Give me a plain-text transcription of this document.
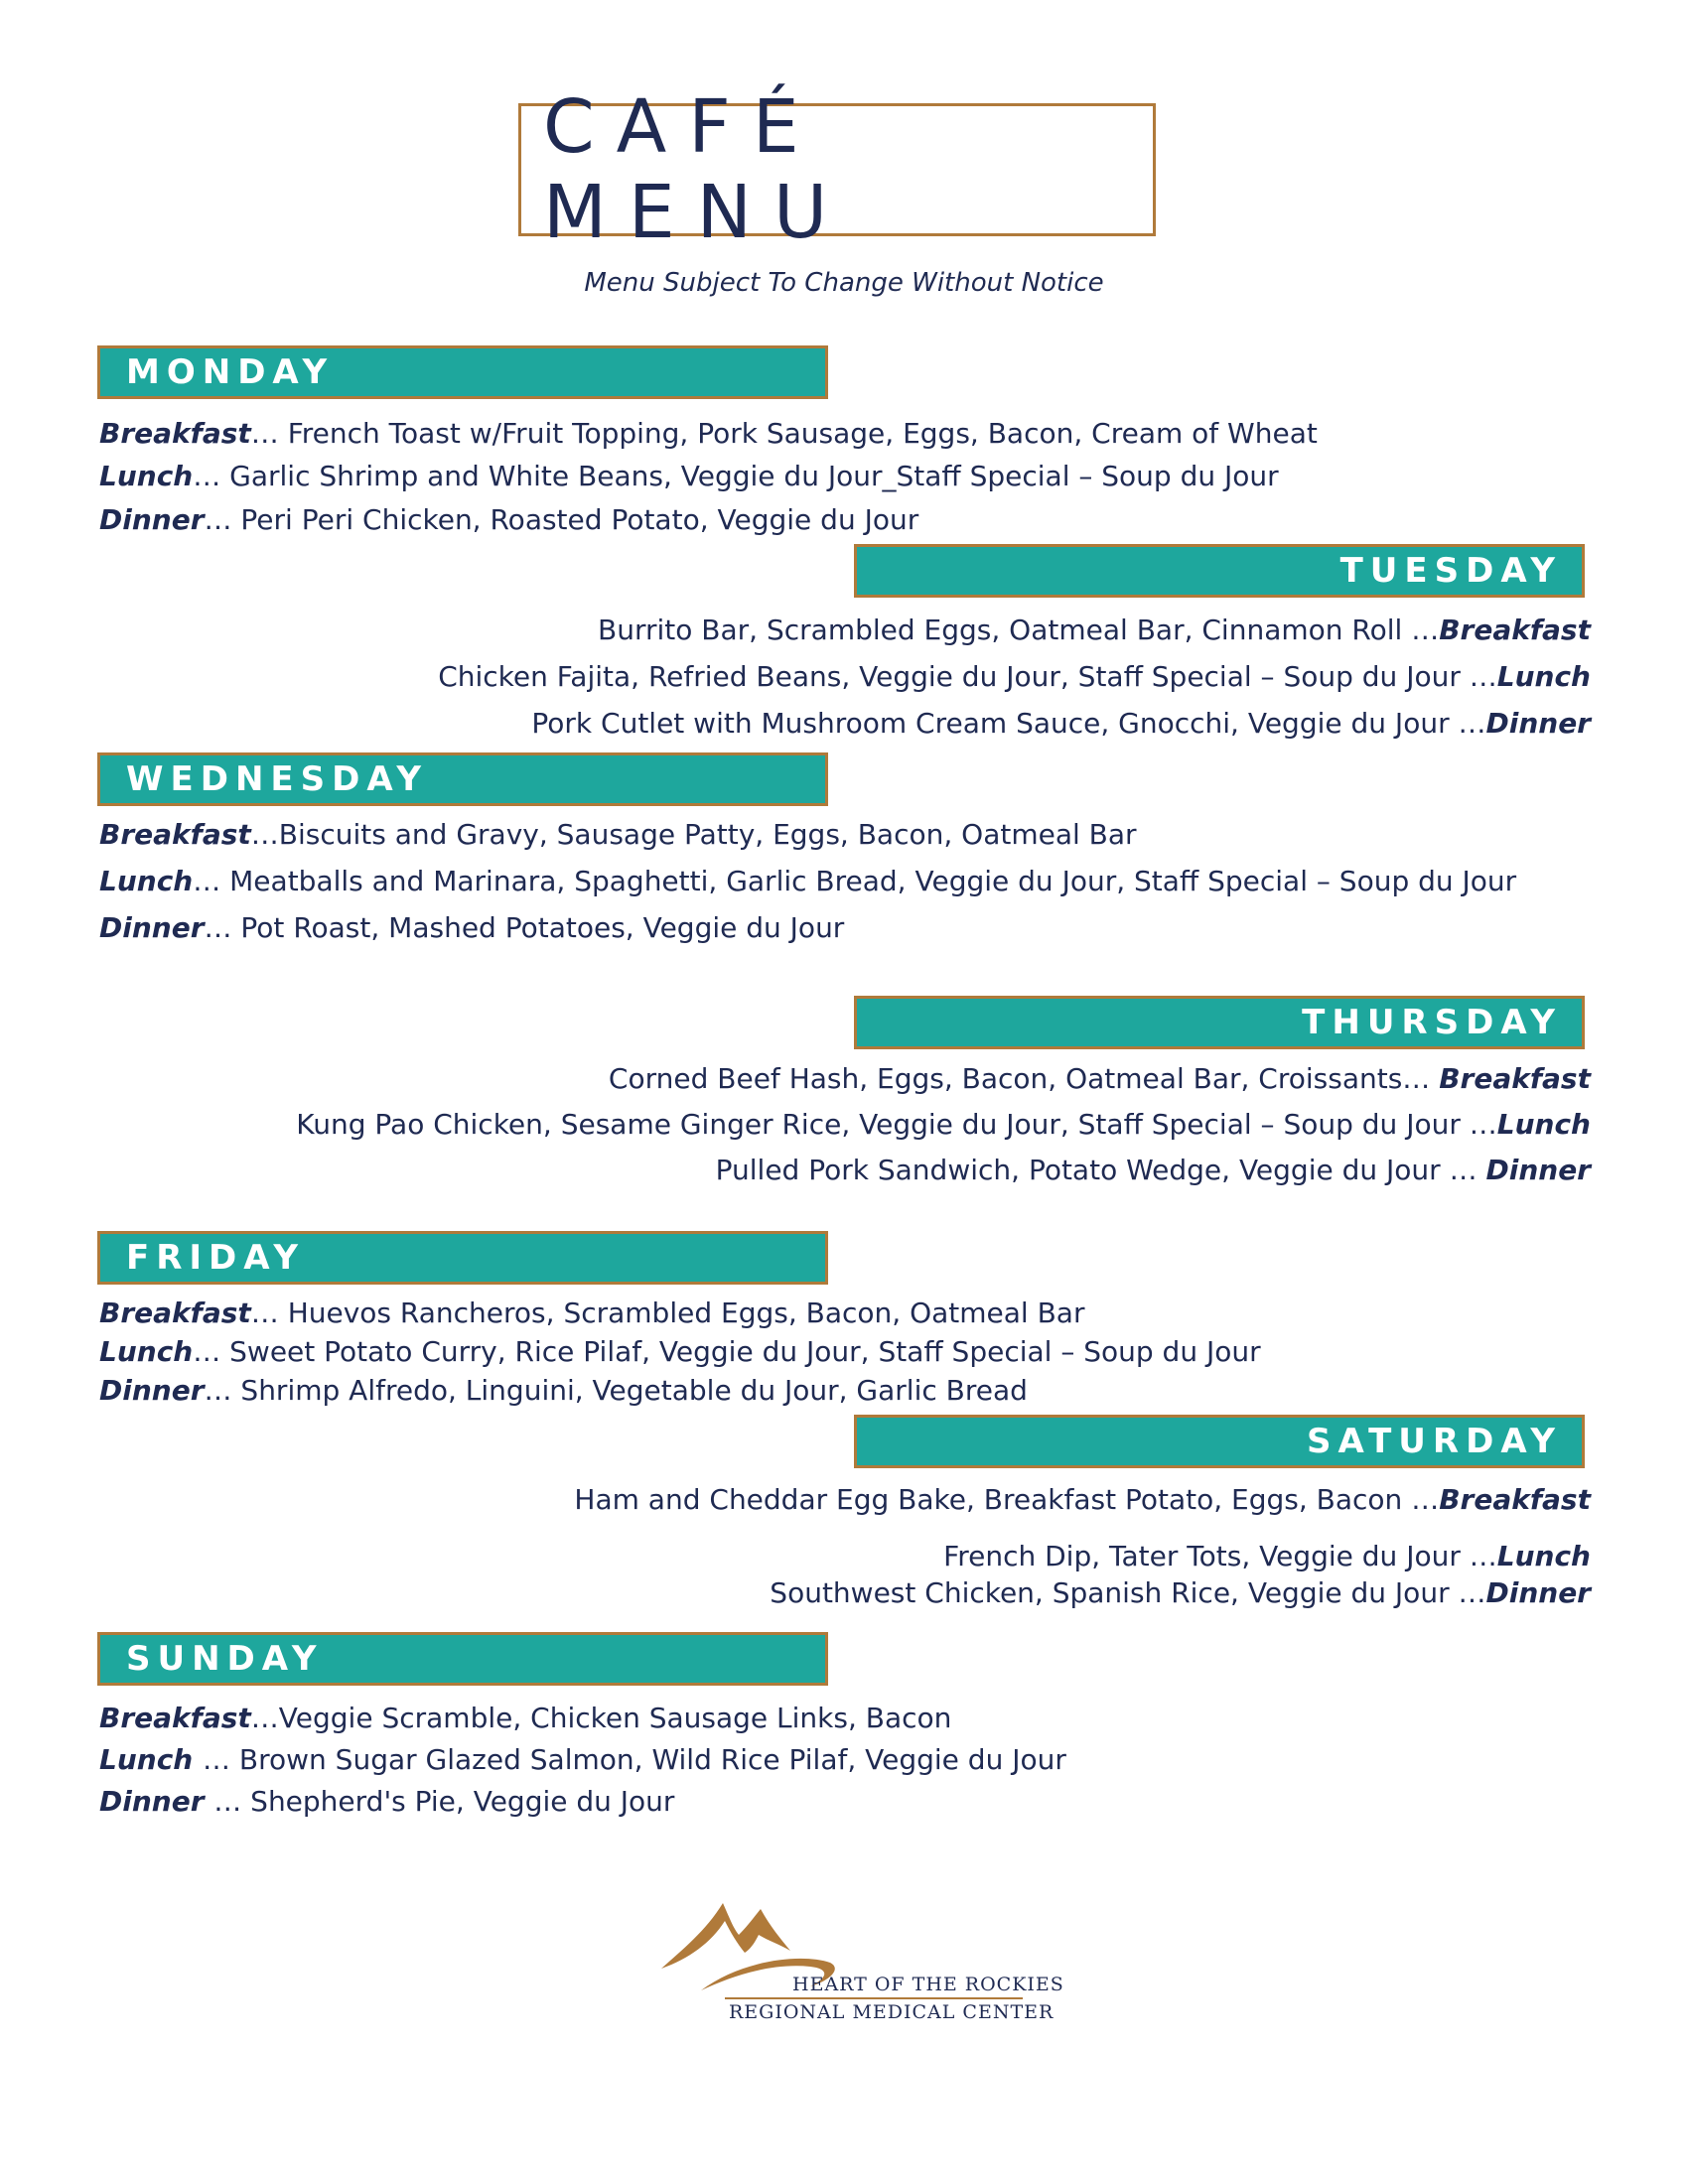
CAFÉ MENU
Menu Subject To Change Without Notice
MONDAY
Breakfast… French Toast w/Fruit Topping, Pork Sausage, Eggs, Bacon, Cream of Wheat
Lunch… Garlic Shrimp and White Beans, Veggie du Jour_Staff Special – Soup du Jour
Dinner… Peri Peri Chicken, Roasted Potato, Veggie du Jour
TUESDAY
Burrito Bar, Scrambled Eggs, Oatmeal Bar, Cinnamon Roll …Breakfast
Chicken Fajita, Refried Beans, Veggie du Jour, Staff Special – Soup du Jour …Lunch
Pork Cutlet with Mushroom Cream Sauce, Gnocchi, Veggie du Jour …Dinner
WEDNESDAY
Breakfast…Biscuits and Gravy, Sausage Patty, Eggs, Bacon, Oatmeal Bar
Lunch… Meatballs and Marinara, Spaghetti, Garlic Bread, Veggie du Jour, Staff Special – Soup du Jour
Dinner… Pot Roast, Mashed Potatoes, Veggie du Jour
THURSDAY
Corned Beef Hash, Eggs, Bacon, Oatmeal Bar, Croissants… Breakfast
Kung Pao Chicken, Sesame Ginger Rice, Veggie du Jour, Staff Special – Soup du Jour …Lunch
Pulled Pork Sandwich, Potato Wedge, Veggie du Jour … Dinner
FRIDAY
Breakfast… Huevos Rancheros, Scrambled Eggs, Bacon, Oatmeal Bar
Lunch… Sweet Potato Curry, Rice Pilaf, Veggie du Jour, Staff Special – Soup du Jour
Dinner… Shrimp Alfredo, Linguini, Vegetable du Jour, Garlic Bread
SATURDAY
Ham and Cheddar Egg Bake, Breakfast Potato, Eggs, Bacon …Breakfast
French Dip, Tater Tots, Veggie du Jour …Lunch
Southwest Chicken, Spanish Rice, Veggie du Jour …Dinner
SUNDAY
Breakfast…Veggie Scramble, Chicken Sausage Links, Bacon
Lunch … Brown Sugar Glazed Salmon, Wild Rice Pilaf, Veggie du Jour
Dinner … Shepherd's Pie, Veggie du Jour
HEART OF THE ROCKIES
REGIONAL MEDICAL CENTER
